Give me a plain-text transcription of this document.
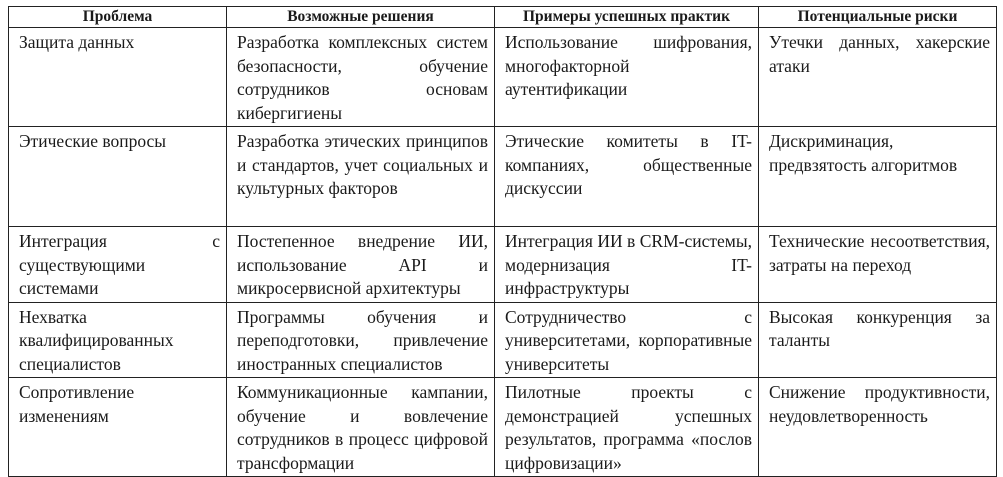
Проблема	Возможные решения	Примеры успешных практик	Потенциальные риски
Защита данных	Разработка комплексных систем безопасности, обучение сотрудников основам кибергигиены	Использование шифрования, многофакторной аутентификации	Утечки данных, хакерские атаки
Этические вопросы	Разработка этических принципов и стандартов, учет социальных и культурных факторов	Этические комитеты в IT-компаниях, общественные дискуссии	Дискриминация, предвзятость алгоритмов
Интеграция с существующими системами	Постепенное внедрение ИИ, использование API и микросервисной архитектуры	Интеграция ИИ в CRM-системы, модернизация IT-инфраструктуры	Технические несоответствия, затраты на переход
Нехватка квалифицированных специалистов	Программы обучения и переподготовки, привлечение иностранных специалистов	Сотрудничество с университетами, корпоративные университеты	Высокая конкуренция за таланты
Сопротивление изменениям	Коммуникационные кампании, обучение и вовлечение сотрудников в процесс цифровой трансформации	Пилотные проекты с демонстрацией успешных результатов, программа «послов цифровизации»	Снижение продуктивности, неудовлетворенность
